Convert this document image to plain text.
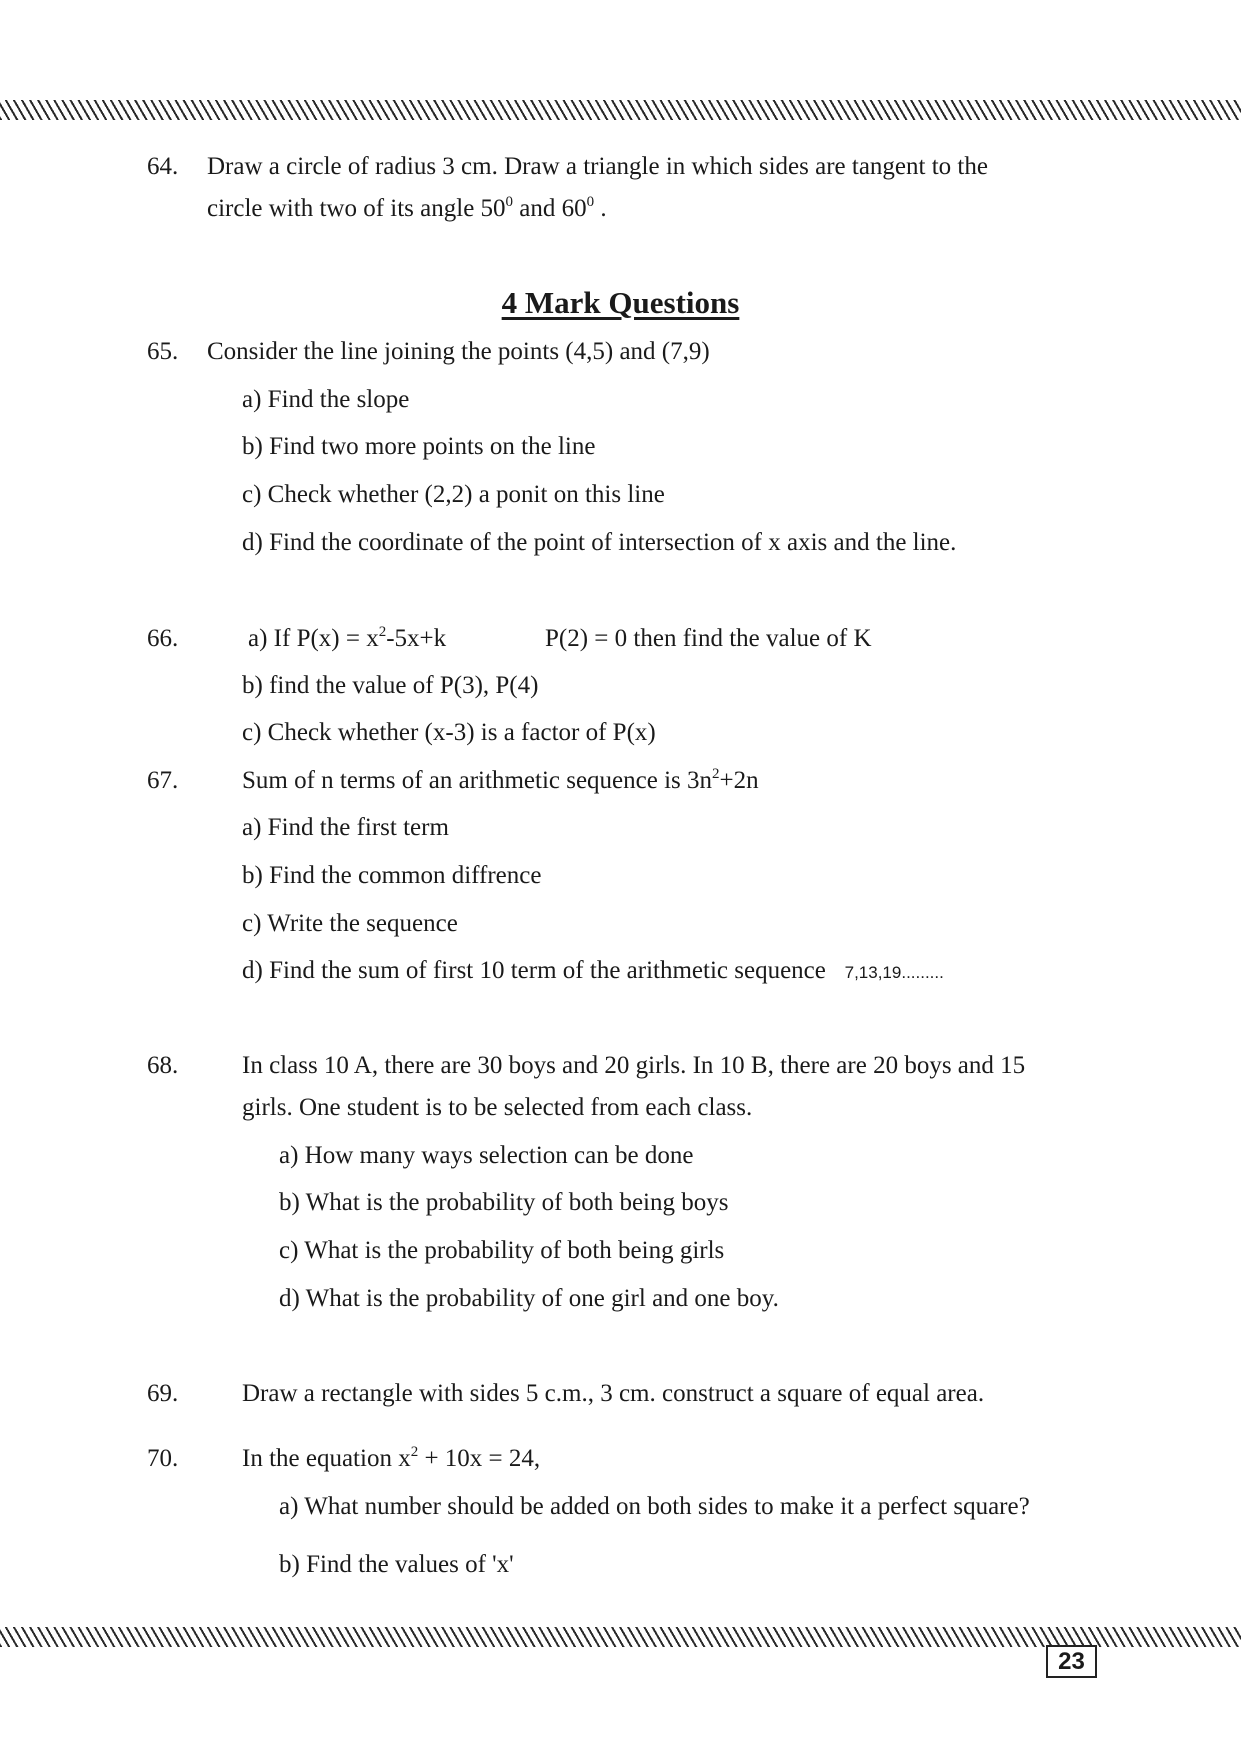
64. Draw a circle of radius 3 cm. Draw a triangle in which sides are tangent to the
circle with two of its angle $50^0$ and $60^0$ .
4 Mark Questions
65. Consider the line joining the points (4,5) and (7,9)
a) Find the slope
b) Find two more points on the line
c) Check whether (2,2) a ponit on this line
d) Find the coordinate of the point of intersection of x axis and the line.
66.	a) If $P(x) = x^2-5x+k$	P(2) = 0 then find the value of K
b) find the value of P(3), P(4)
c) Check whether (x-3) is a factor of P(x)
67.	Sum of n terms of an arithmetic sequence is $3n^2+2n$
a) Find the first term
b) Find the common diffrence
c) Write the sequence
d) Find the sum of first 10 term of the arithmetic sequence 7,13,19.........
68.	In class 10 A, there are 30 boys and 20 girls. In 10 B, there are 20 boys and 15
girls. One student is to be selected from each class.
a) How many ways selection can be done
b) What is the probability of both being boys
c) What is the probability of both being girls
d) What is the probability of one girl and one boy.
69.	Draw a rectangle with sides 5 c.m., 3 cm. construct a square of equal area.
70.	In the equation $x^2 + 10x = 24$,
a) What number should be added on both sides to make it a perfect square?
b) Find the values of 'x'
23
